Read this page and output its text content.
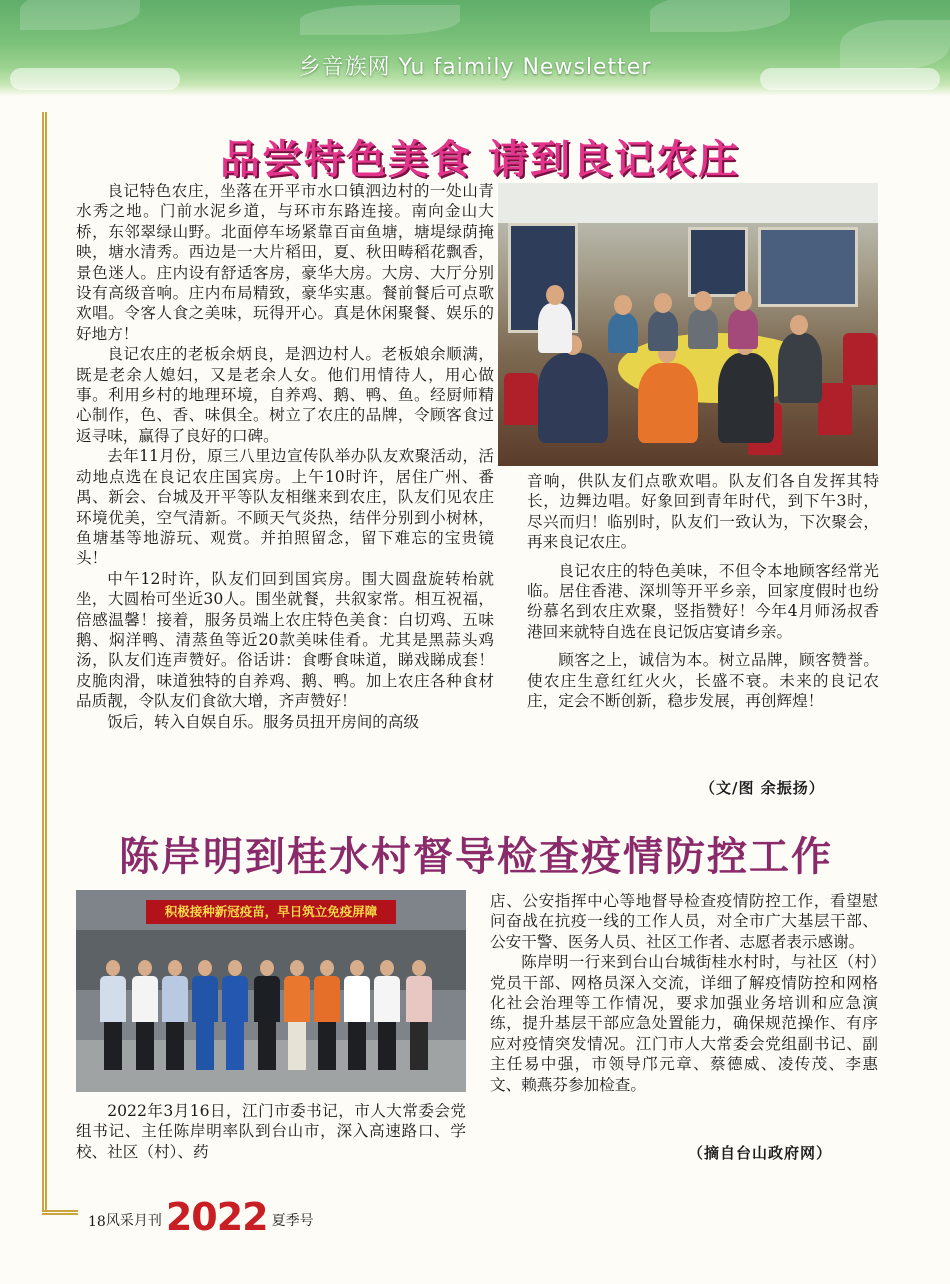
乡音族网 Yu faimily Newsletter
品尝特色美食 请到良记农庄

良记特色农庄，坐落在开平市水口镇泗边村的一处山青水秀之地。门前水泥乡道，与环市东路连接。南向金山大桥，东邻翠绿山野。北面停车场紧靠百亩鱼塘，塘堤绿荫掩映，塘水清秀。西边是一大片稻田，夏、秋田畴稻花飘香，景色迷人。庄内设有舒适客房，豪华大房。大房、大厅分别设有高级音响。庄内布局精致，豪华实惠。餐前餐后可点歌欢唱。令客人食之美味，玩得开心。真是休闲聚餐、娱乐的好地方！

良记农庄的老板余炳良，是泗边村人。老板娘余顺满，既是老余人媳妇，又是老余人女。他们用情待人，用心做事。利用乡村的地理环境，自养鸡、鹅、鸭、鱼。经厨师精心制作，色、香、味俱全。树立了农庄的品牌，令顾客食过返寻味，赢得了良好的口碑。

去年11月份，原三八里边宣传队举办队友欢聚活动，活动地点选在良记农庄国宾房。上午10时许，居住广州、番禺、新会、台城及开平等队友相继来到农庄，队友们见农庄环境优美，空气清新。不顾天气炎热，结伴分别到小树林，鱼塘基等地游玩、观赏。并拍照留念，留下难忘的宝贵镜头！

中午12时许，队友们回到国宾房。围大圆盘旋转枱就坐，大圆枱可坐近30人。围坐就餐，共叙家常。相互祝福，倍感温馨！接着，服务员端上农庄特色美食：白切鸡、五味鹅、焖洋鸭、清蒸鱼等近20款美味佳肴。尤其是黑蒜头鸡汤，队友们连声赞好。俗话讲：食嘢食味道，睇戏睇成套！皮脆肉滑，味道独特的自养鸡、鹅、鸭。加上农庄各种食材品质靓，令队友们食欲大增，齐声赞好！

饭后，转入自娱自乐。服务员扭开房间的高级

音响，供队友们点歌欢唱。队友们各自发挥其特长，边舞边唱。好象回到青年时代，到下午3时，尽兴而归！临别时，队友们一致认为，下次聚会，再来良记农庄。

良记农庄的特色美味，不但令本地顾客经常光临。居住香港、深圳等开平乡亲，回家度假时也纷纷慕名到农庄欢聚，竖指赞好！今年4月师汤叔香港回来就特自选在良记饭店宴请乡亲。

顾客之上，诚信为本。树立品牌，顾客赞誉。使农庄生意红红火火，长盛不衰。未来的良记农庄，定会不断创新，稳步发展，再创辉煌！

（文/图 余振扬）
陈岸明到桂水村督导检查疫情防控工作
积极接种新冠疫苗，早日筑立免疫屏障

2022年3月16日，江门市委书记，市人大常委会党组书记、主任陈岸明率队到台山市，深入高速路口、学校、社区（村）、药

店、公安指挥中心等地督导检查疫情防控工作，看望慰问奋战在抗疫一线的工作人员，对全市广大基层干部、公安干警、医务人员、社区工作者、志愿者表示感谢。

陈岸明一行来到台山台城街桂水村时，与社区（村）党员干部、网格员深入交流，详细了解疫情防控和网格化社会治理等工作情况，要求加强业务培训和应急演练，提升基层干部应急处置能力，确保规范操作、有序应对疫情突发情况。江门市人大常委会党组副书记、副主任易中强，市领导邝元章、蔡德威、凌传茂、李惠文、赖燕芬参加检查。

（摘自台山政府网）
18 风采月刊 2022 夏季号
